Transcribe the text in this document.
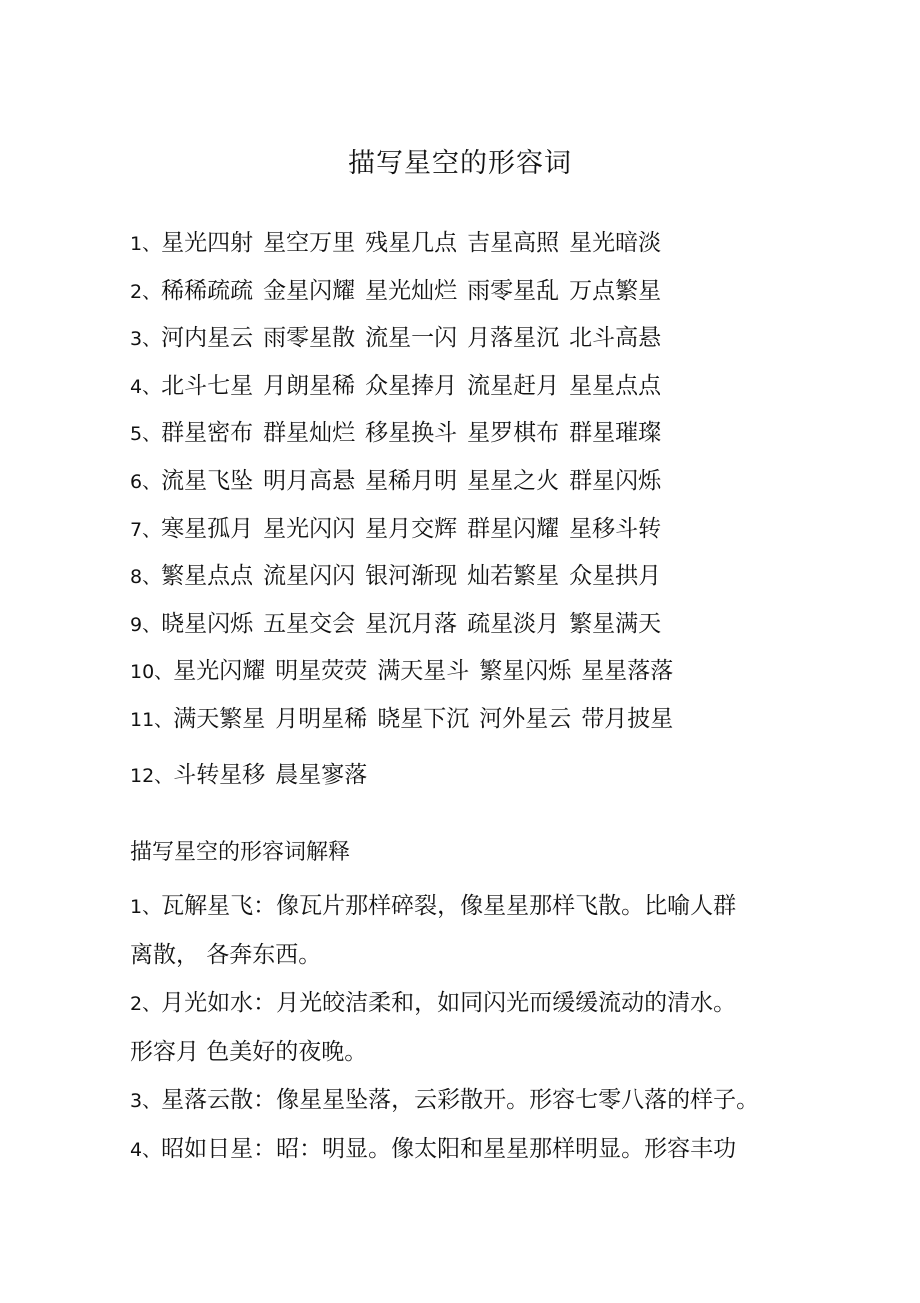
描写星空的形容词
1、星光四射 星空万里 残星几点 吉星高照 星光暗淡
2、稀稀疏疏 金星闪耀 星光灿烂 雨零星乱 万点繁星
3、河内星云 雨零星散 流星一闪 月落星沉 北斗高悬
4、北斗七星 月朗星稀 众星捧月 流星赶月 星星点点
5、群星密布 群星灿烂 移星换斗 星罗棋布 群星璀璨
6、流星飞坠 明月高悬 星稀月明 星星之火 群星闪烁
7、寒星孤月 星光闪闪 星月交辉 群星闪耀 星移斗转
8、繁星点点 流星闪闪 银河渐现 灿若繁星 众星拱月
9、晓星闪烁 五星交会 星沉月落 疏星淡月 繁星满天
10、星光闪耀 明星荧荧 满天星斗 繁星闪烁 星星落落
11、满天繁星 月明星稀 晓星下沉 河外星云 带月披星
12、斗转星移 晨星寥落
描写星空的形容词解释
1、瓦解星飞：像瓦片那样碎裂，像星星那样飞散。比喻人群
离散， 各奔东西。
2、月光如水：月光皎洁柔和，如同闪光而缓缓流动的清水。
形容月 色美好的夜晚。
3、星落云散：像星星坠落，云彩散开。形容七零八落的样子。
4、昭如日星：昭：明显。像太阳和星星那样明显。形容丰功
